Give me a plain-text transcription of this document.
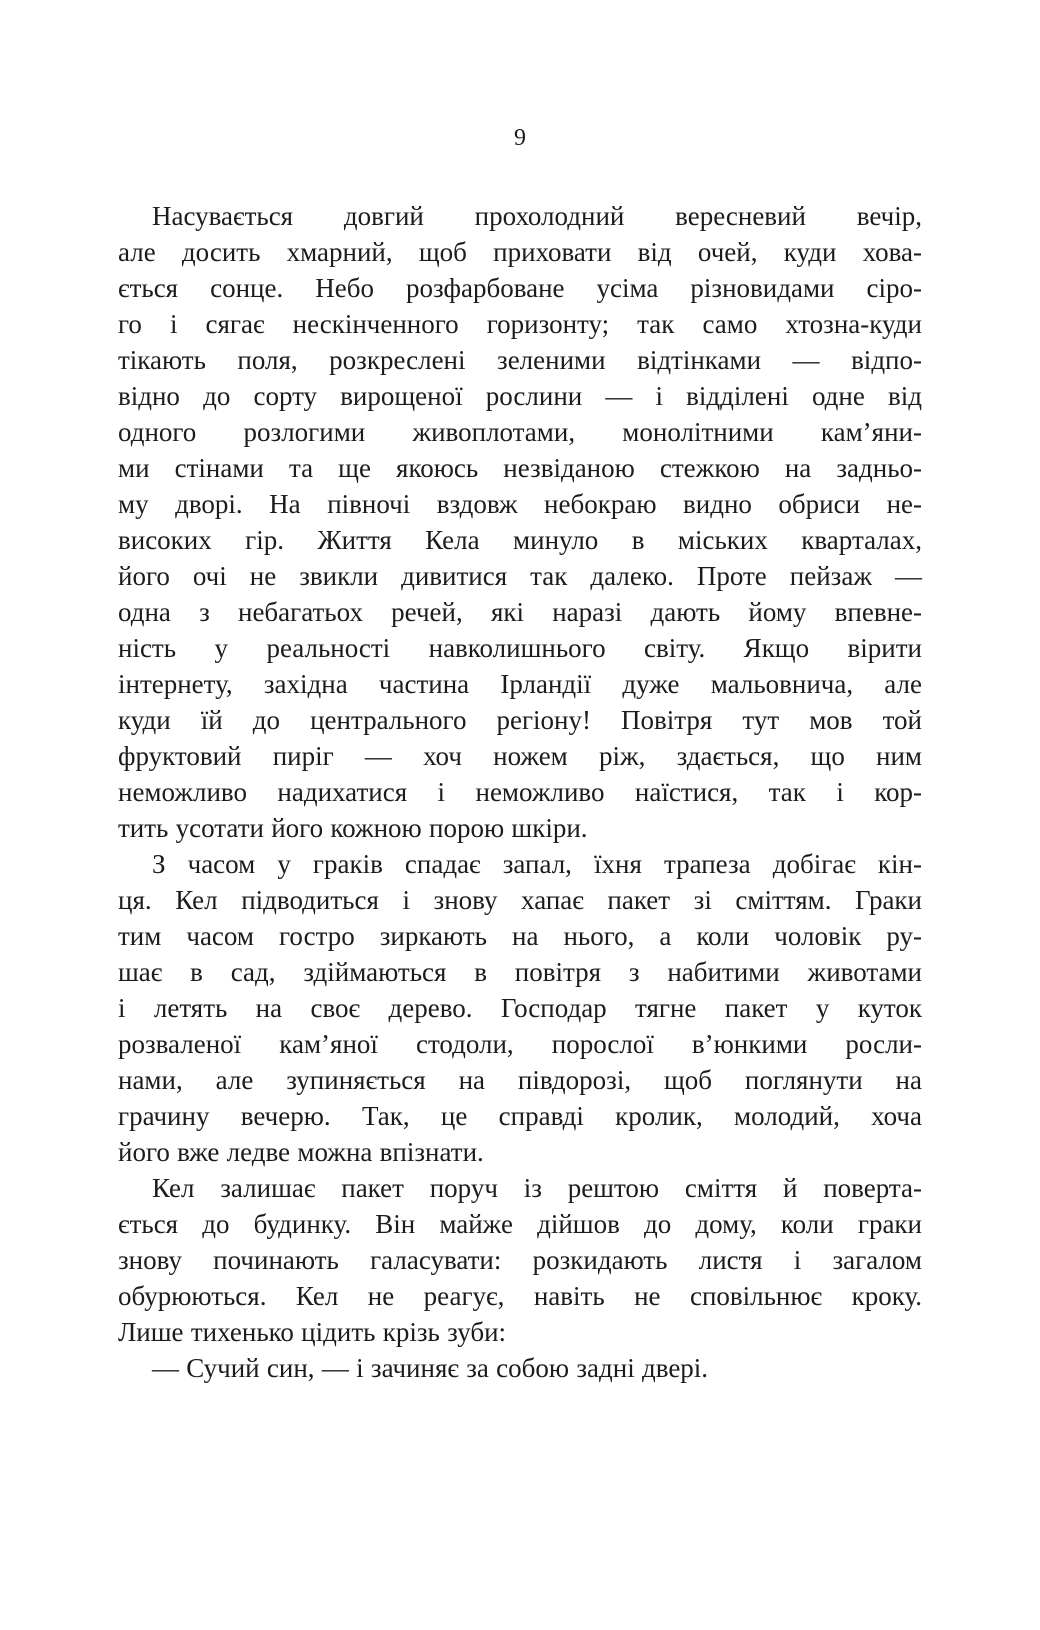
9

Насувається довгий прохолодний вересневий вечір,
але досить хмарний, щоб приховати від очей, куди хова-
ється сонце. Небо розфарбоване усіма різновидами сіро-
го і сягає нескінченного горизонту; так само хтозна-куди
тікають поля, розкреслені зеленими відтінками — відпо-
відно до сорту вирощеної рослини — і відділені одне від
одного розлогими живоплотами, монолітними кам’яни-
ми стінами та ще якоюсь незвіданою стежкою на задньо-
му дворі. На півночі вздовж небокраю видно обриси не-
високих гір. Життя Кела минуло в міських кварталах,
його очі не звикли дивитися так далеко. Проте пейзаж —
одна з небагатьох речей, які наразі дають йому впевне-
ність у реальності навколишнього світу. Якщо вірити
інтернету, західна частина Ірландії дуже мальовнича, але
куди їй до центрального регіону! Повітря тут мов той
фруктовий пиріг — хоч ножем ріж, здається, що ним
неможливо надихатися і неможливо наїстися, так і кор-
тить усотати його кожною порою шкіри.

З часом у граків спадає запал, їхня трапеза добігає кін-
ця. Кел підводиться і знову хапає пакет зі сміттям. Граки
тим часом гостро зиркають на нього, а коли чоловік ру-
шає в сад, здіймаються в повітря з набитими животами
і летять на своє дерево. Господар тягне пакет у куток
розваленої кам’яної стодоли, порослої в’юнкими росли-
нами, але зупиняється на півдорозі, щоб поглянути на
грачину вечерю. Так, це справді кролик, молодий, хоча
його вже ледве можна впізнати.

Кел залишає пакет поруч із рештою сміття й поверта-
ється до будинку. Він майже дійшов до дому, коли граки
знову починають галасувати: розкидають листя і загалом
обурюються. Кел не реагує, навіть не сповільнює кроку.
Лише тихенько цідить крізь зуби:

— Сучий син, — і зачиняє за собою задні двері.
